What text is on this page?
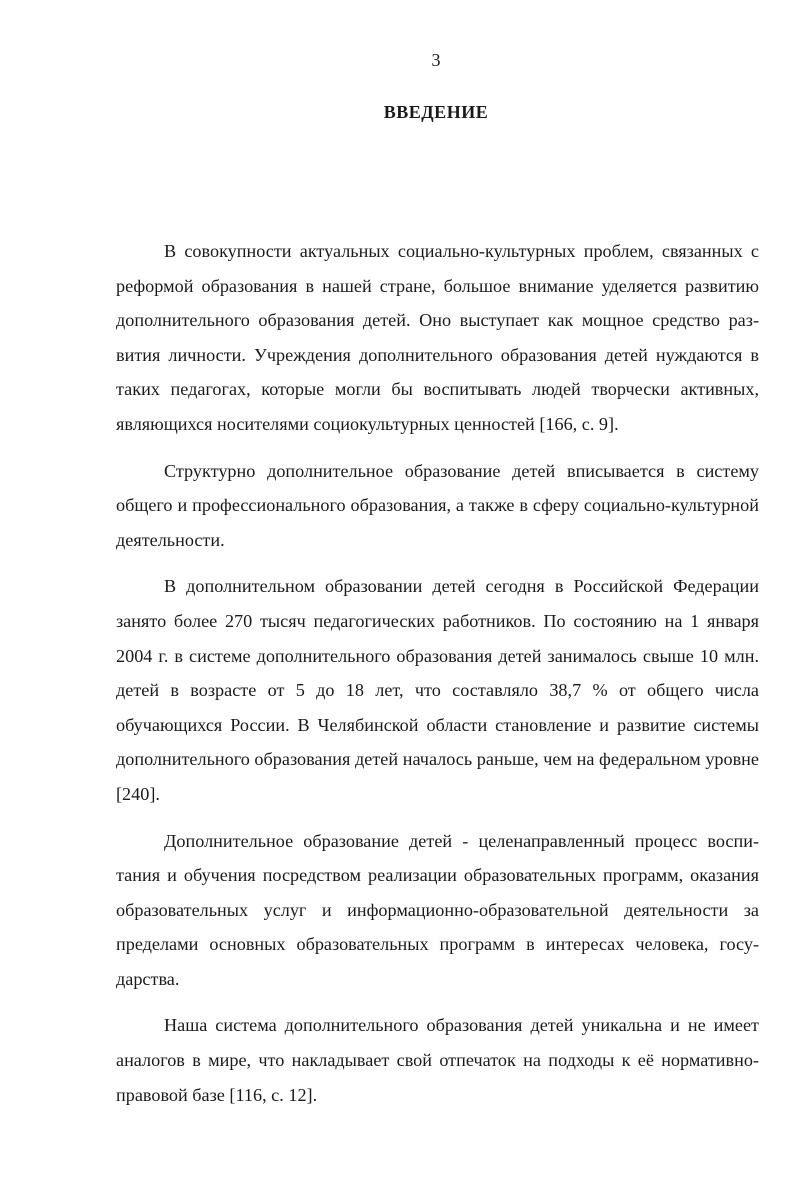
3
ВВЕДЕНИЕ

В совокупности актуальных социально-культурных проблем, связанных с реформой образования в нашей стране, большое внимание уделяется развитию дополнительного образования детей. Оно выступает как мощное средство развития личности. Учреждения дополнительного образования детей нуждаются в таких педагогах, которые могли бы воспитывать людей творчески активных, являющихся носителями социокультурных ценностей [166, с. 9].

Структурно дополнительное образование детей вписывается в систему общего и профессионального образования, а также в сферу социально-культурной деятельности.

В дополнительном образовании детей сегодня в Российской Федерации занято более 270 тысяч педагогических работников. По состоянию на 1 января 2004 г. в системе дополнительного образования детей занималось свыше 10 млн. детей в возрасте от 5 до 18 лет, что составляло 38,7 % от общего числа обучающихся России. В Челябинской области становление и развитие системы дополнительного образования детей началось раньше, чем на федеральном уровне [240].

Дополнительное образование детей - целенаправленный процесс воспитания и обучения посредством реализации образовательных программ, оказания образовательных услуг и информационно-образовательной деятельности за пределами основных образовательных программ в интересах человека, государства.

Наша система дополнительного образования детей уникальна и не имеет аналогов в мире, что накладывает свой отпечаток на подходы к её нормативно-правовой базе [116, с. 12].
